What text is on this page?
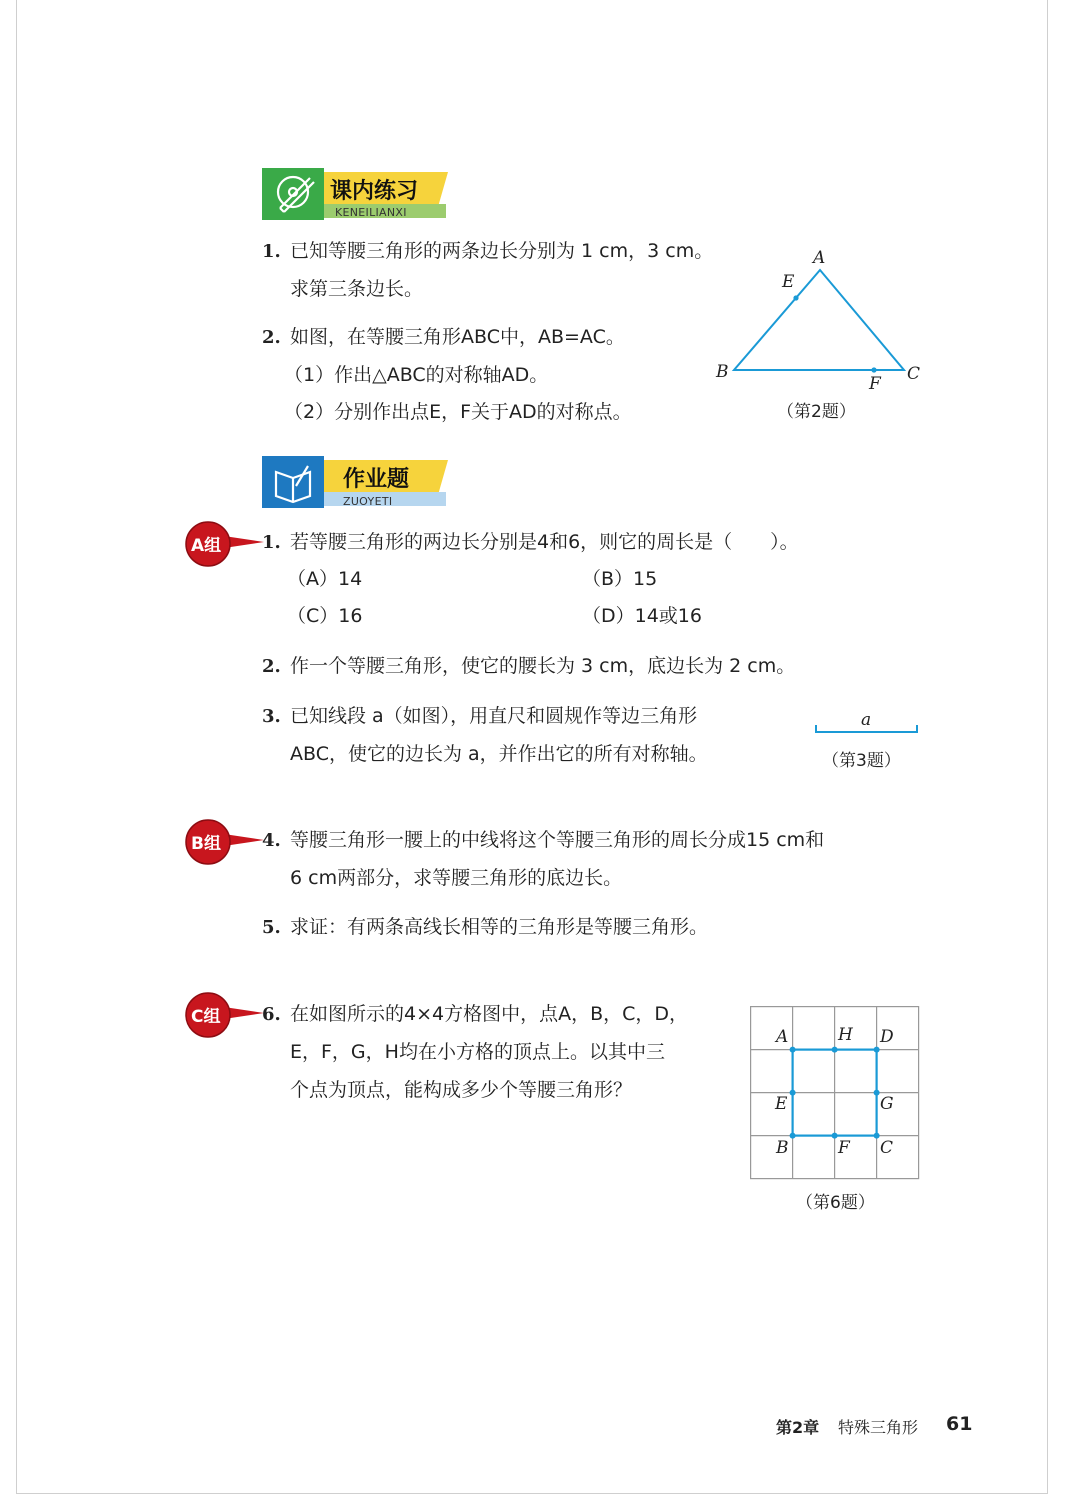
课内练习
KENEILIANXI
1. 已知等腰三角形的两条边长分别为 1 cm，3 cm。
求第三条边长。
2. 如图，在等腰三角形ABC中，AB=AC。
（1）作出△ABC的对称轴AD。
（2）分别作出点E，F关于AD的对称点。
A
E
B	C
F
（第2题）
作业题
ZUOYETI
A组 1. 若等腰三角形的两边长分别是4和6，则它的周长是（　　）。
（A）14	（B）15
（C）16	（D）14或16
2. 作一个等腰三角形，使它的腰长为 3 cm，底边长为 2 cm。
3. 已知线段 a（如图），用直尺和圆规作等边三角形
ABC，使它的边长为 a，并作出它的所有对称轴。
a
（第3题）
B组 4. 等腰三角形一腰上的中线将这个等腰三角形的周长分成15 cm和
6 cm两部分，求等腰三角形的底边长。
5. 求证：有两条高线长相等的三角形是等腰三角形。
C组 6. 在如图所示的4×4方格图中，点A，B，C，D，
E，F，G，H均在小方格的顶点上。以其中三
个点为顶点，能构成多少个等腰三角形？
A	H D
E	G
B	F C
（第6题）
第2章 特殊三角形 61
